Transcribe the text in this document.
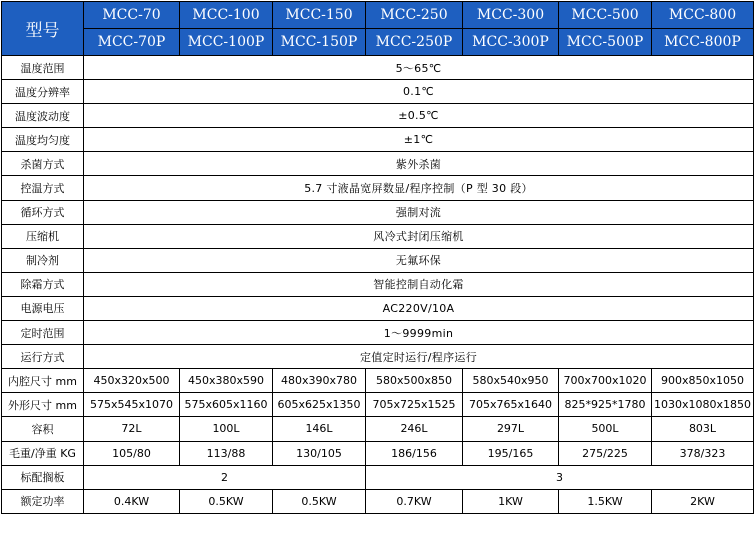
型号	MCC-70	MCC-100	MCC-150	MCC-250	MCC-300	MCC-500	MCC-800
	MCC-70P	MCC-100P	MCC-150P	MCC-250P	MCC-300P	MCC-500P	MCC-800P
温度范围	5～65℃						
温度分辨率	0.1℃						
温度波动度	±0.5℃						
温度均匀度	±1℃						
杀菌方式	紫外杀菌						
控温方式	5.7 寸液晶宽屏数显/程序控制（P 型 30 段）						
循环方式	强制对流						
压缩机	风冷式封闭压缩机						
制冷剂	无氟环保						
除霜方式	智能控制自动化霜						
电源电压	AC220V/10A						
定时范围	1～9999min						
运行方式	定值定时运行/程序运行						
内腔尺寸 mm	450x320x500	450x380x590	480x390x780	580x500x850	580x540x950	700x700x1020	900x850x1050
外形尺寸 mm	575x545x1070	575x605x1160	605x625x1350	705x725x1525	705x765x1640	825*925*1780	1030x1080x1850
容积	72L	100L	146L	246L	297L	500L	803L
毛重/净重 KG	105/80	113/88	130/105	186/156	195/165	275/225	378/323
标配搁板	2			3			
额定功率	0.4KW	0.5KW	0.5KW	0.7KW	1KW	1.5KW	2KW
